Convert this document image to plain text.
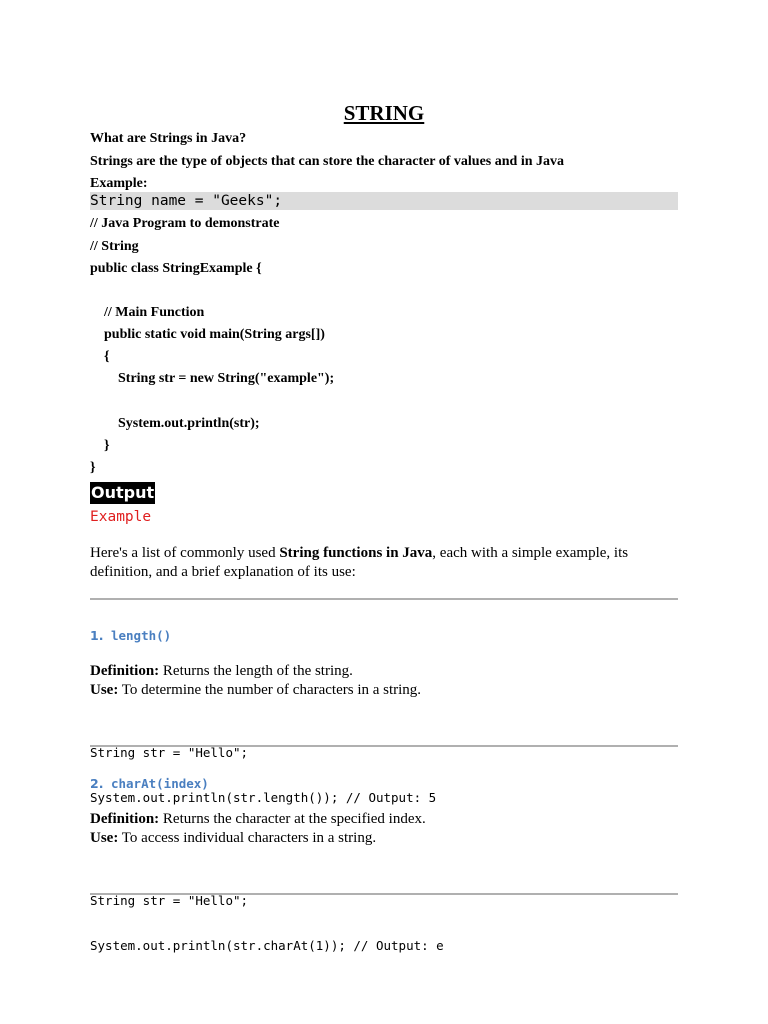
STRING
What are Strings in Java?
Strings are the type of objects that can store the character of values and in Java
Example:
String name = "Geeks";
// Java Program to demonstrate
// String
public class StringExample {
// Main Function
public static void main(String args[])
{
String str = new String("example");
System.out.println(str);
}
}
Output
Example
Here's a list of commonly used String functions in Java, each with a simple example, its definition, and a brief explanation of its use:
1. length()
Definition: Returns the length of the string.
Use: To determine the number of characters in a string.

String str = "Hello";

System.out.println(str.length()); // Output: 5

2. charAt(index)
Definition: Returns the character at the specified index.
Use: To access individual characters in a string.

String str = "Hello";

System.out.println(str.charAt(1)); // Output: e
